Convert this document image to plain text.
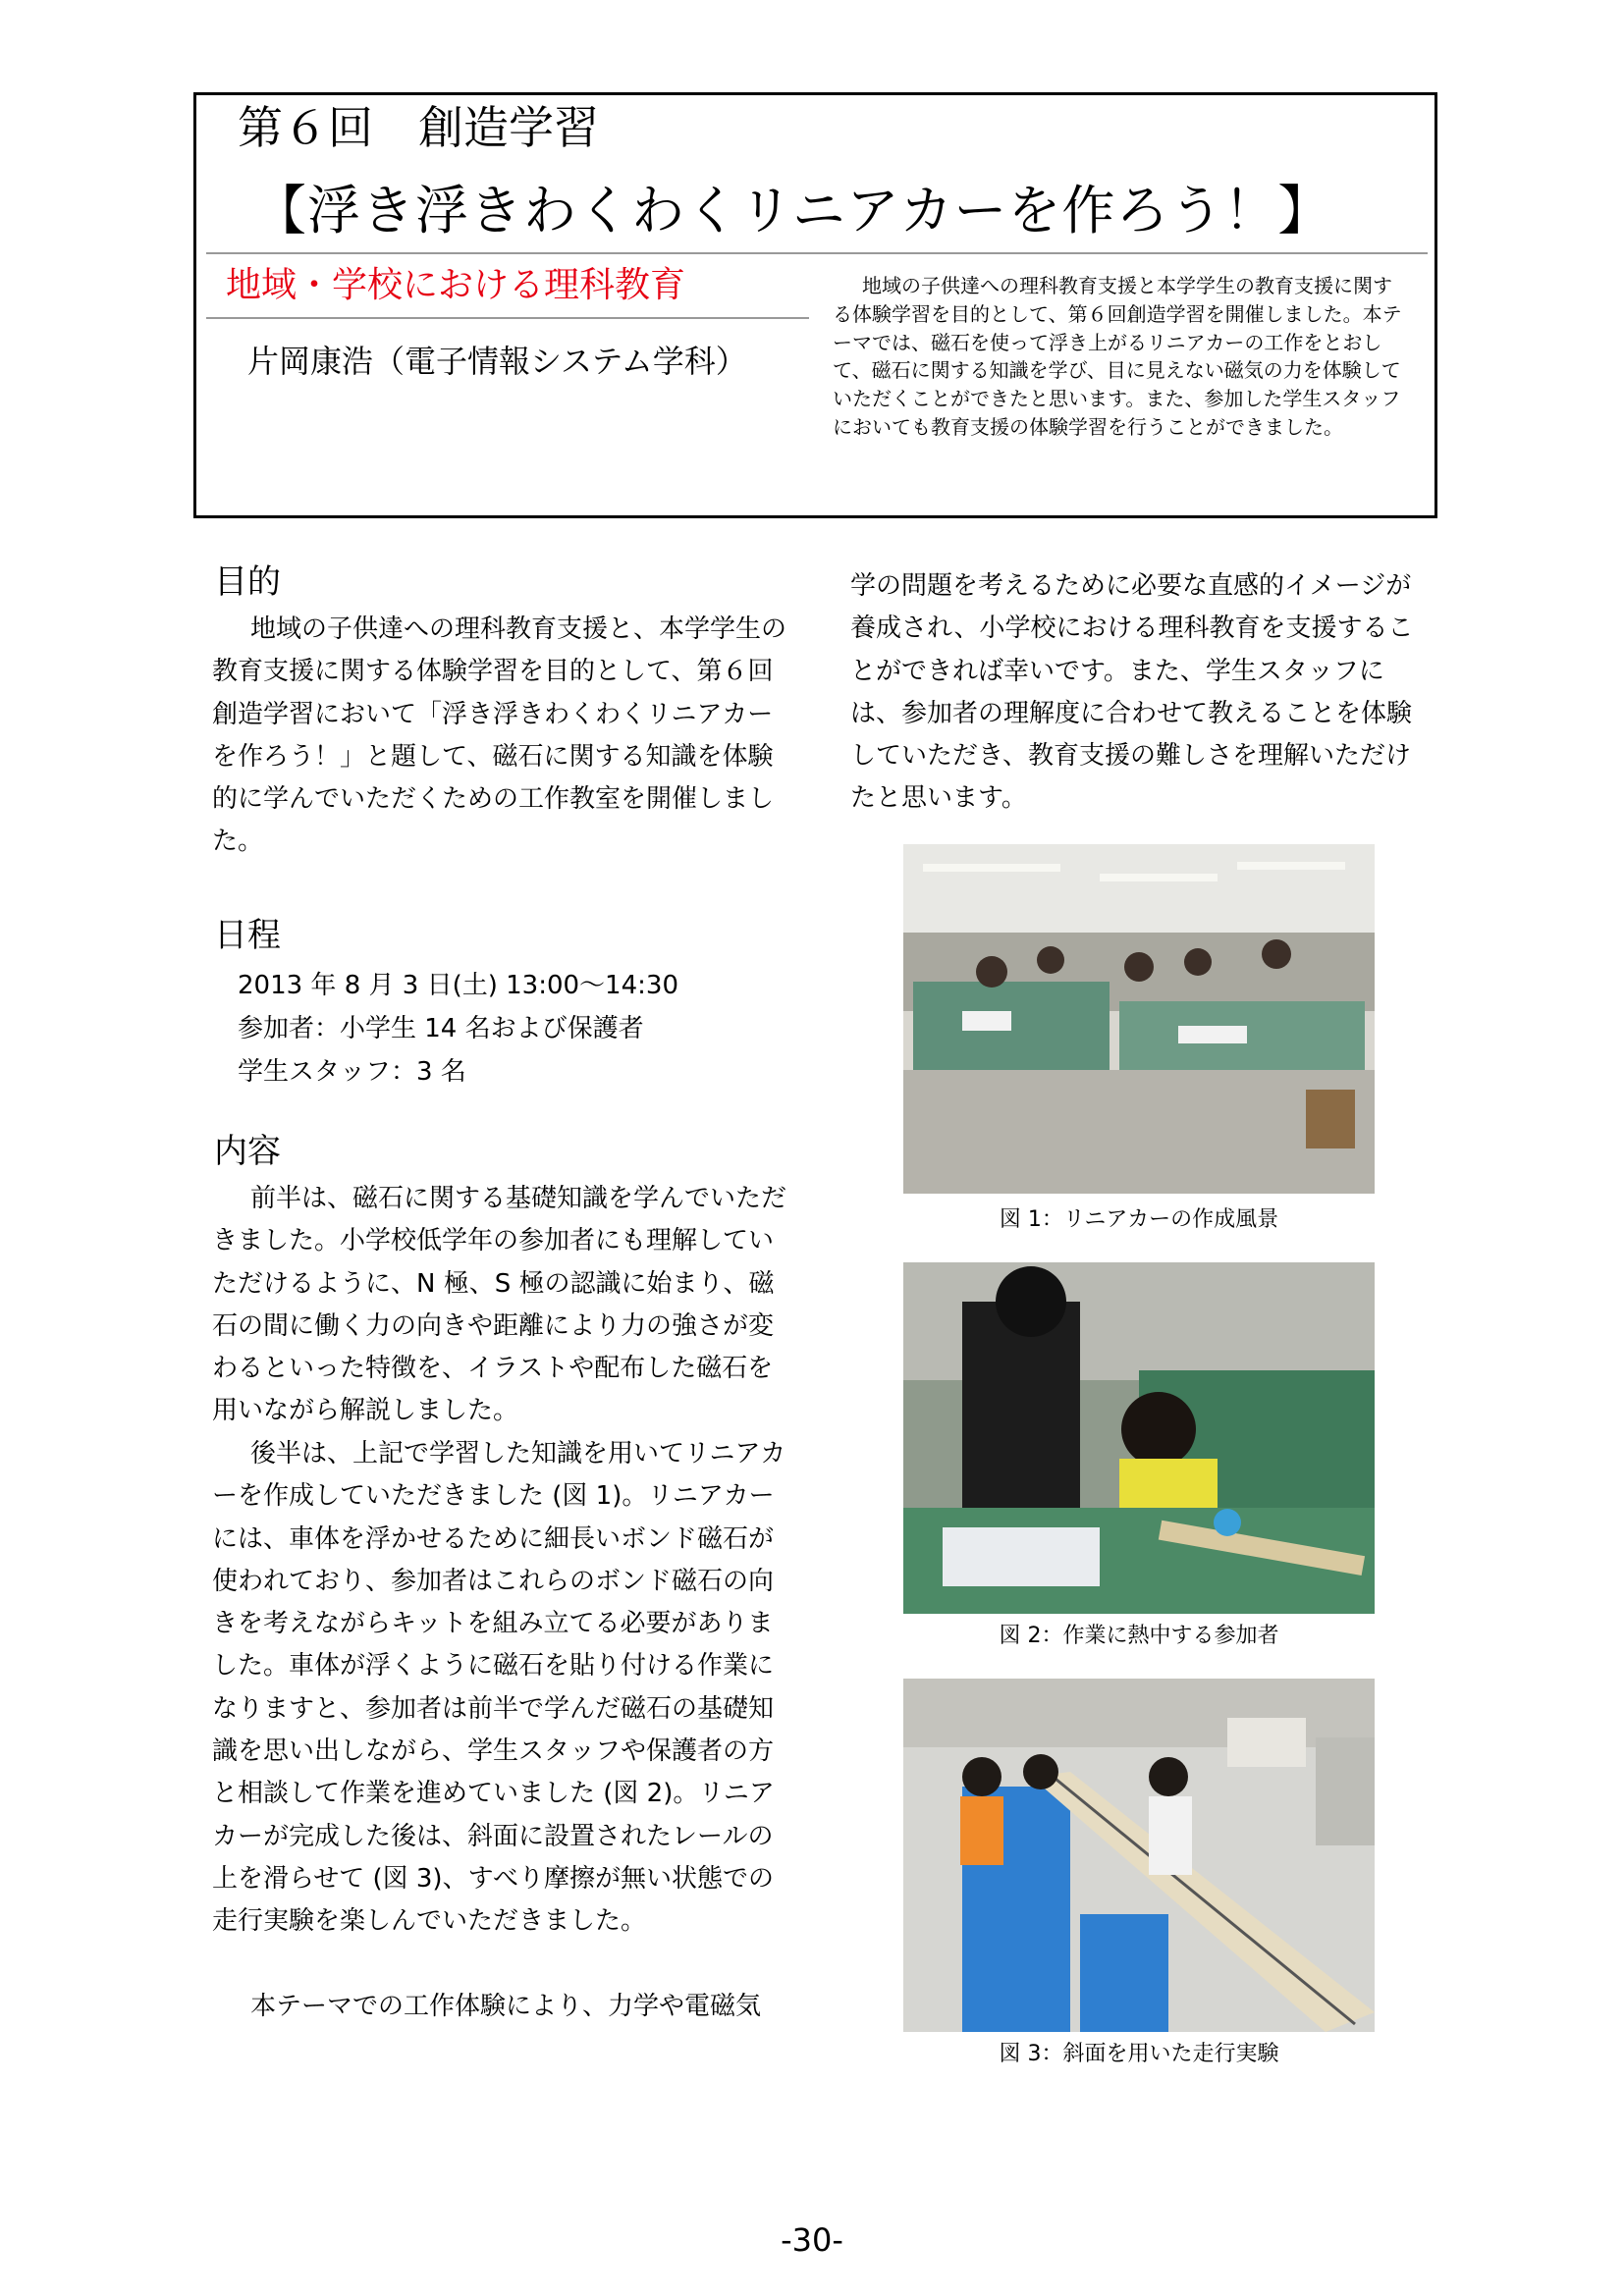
第６回　創造学習
【浮き浮きわくわくリニアカーを作ろう！】
地域・学校における理科教育
片岡康浩（電子情報システム学科）

地域の子供達への理科教育支援と本学学生の教育支援に関する体験学習を目的として、第６回創造学習を開催しました。本テーマでは、磁石を使って浮き上がるリニアカーの工作をとおして、磁石に関する知識を学び、目に見えない磁気の力を体験していただくことができたと思います。また、参加した学生スタッフにおいても教育支援の体験学習を行うことができました。

目的

地域の子供達への理科教育支援と、本学学生の教育支援に関する体験学習を目的として、第６回創造学習において「浮き浮きわくわくリニアカーを作ろう！」と題して、磁石に関する知識を体験的に学んでいただくための工作教室を開催しました。

日程
2013 年 8 月 3 日(土) 13:00～14:30
参加者：小学生 14 名および保護者
学生スタッフ：3 名
内容

前半は、磁石に関する基礎知識を学んでいただきました。小学校低学年の参加者にも理解していただけるように、N 極、S 極の認識に始まり、磁石の間に働く力の向きや距離により力の強さが変わるといった特徴を、イラストや配布した磁石を用いながら解説しました。

後半は、上記で学習した知識を用いてリニアカーを作成していただきました (図 1)。リニアカーには、車体を浮かせるために細長いボンド磁石が使われており、参加者はこれらのボンド磁石の向きを考えながらキットを組み立てる必要がありました。車体が浮くように磁石を貼り付ける作業になりますと、参加者は前半で学んだ磁石の基礎知識を思い出しながら、学生スタッフや保護者の方と相談して作業を進めていました (図 2)。リニアカーが完成した後は、斜面に設置されたレールの上を滑らせて (図 3)、すべり摩擦が無い状態での走行実験を楽しんでいただきました。

本テーマでの工作体験により、力学や電磁気

学の問題を考えるために必要な直感的イメージが養成され、小学校における理科教育を支援することができれば幸いです。また、学生スタッフには、参加者の理解度に合わせて教えることを体験していただき、教育支援の難しさを理解いただけたと思います。

図 1：リニアカーの作成風景
図 2：作業に熱中する参加者
図 3：斜面を用いた走行実験
-30-
